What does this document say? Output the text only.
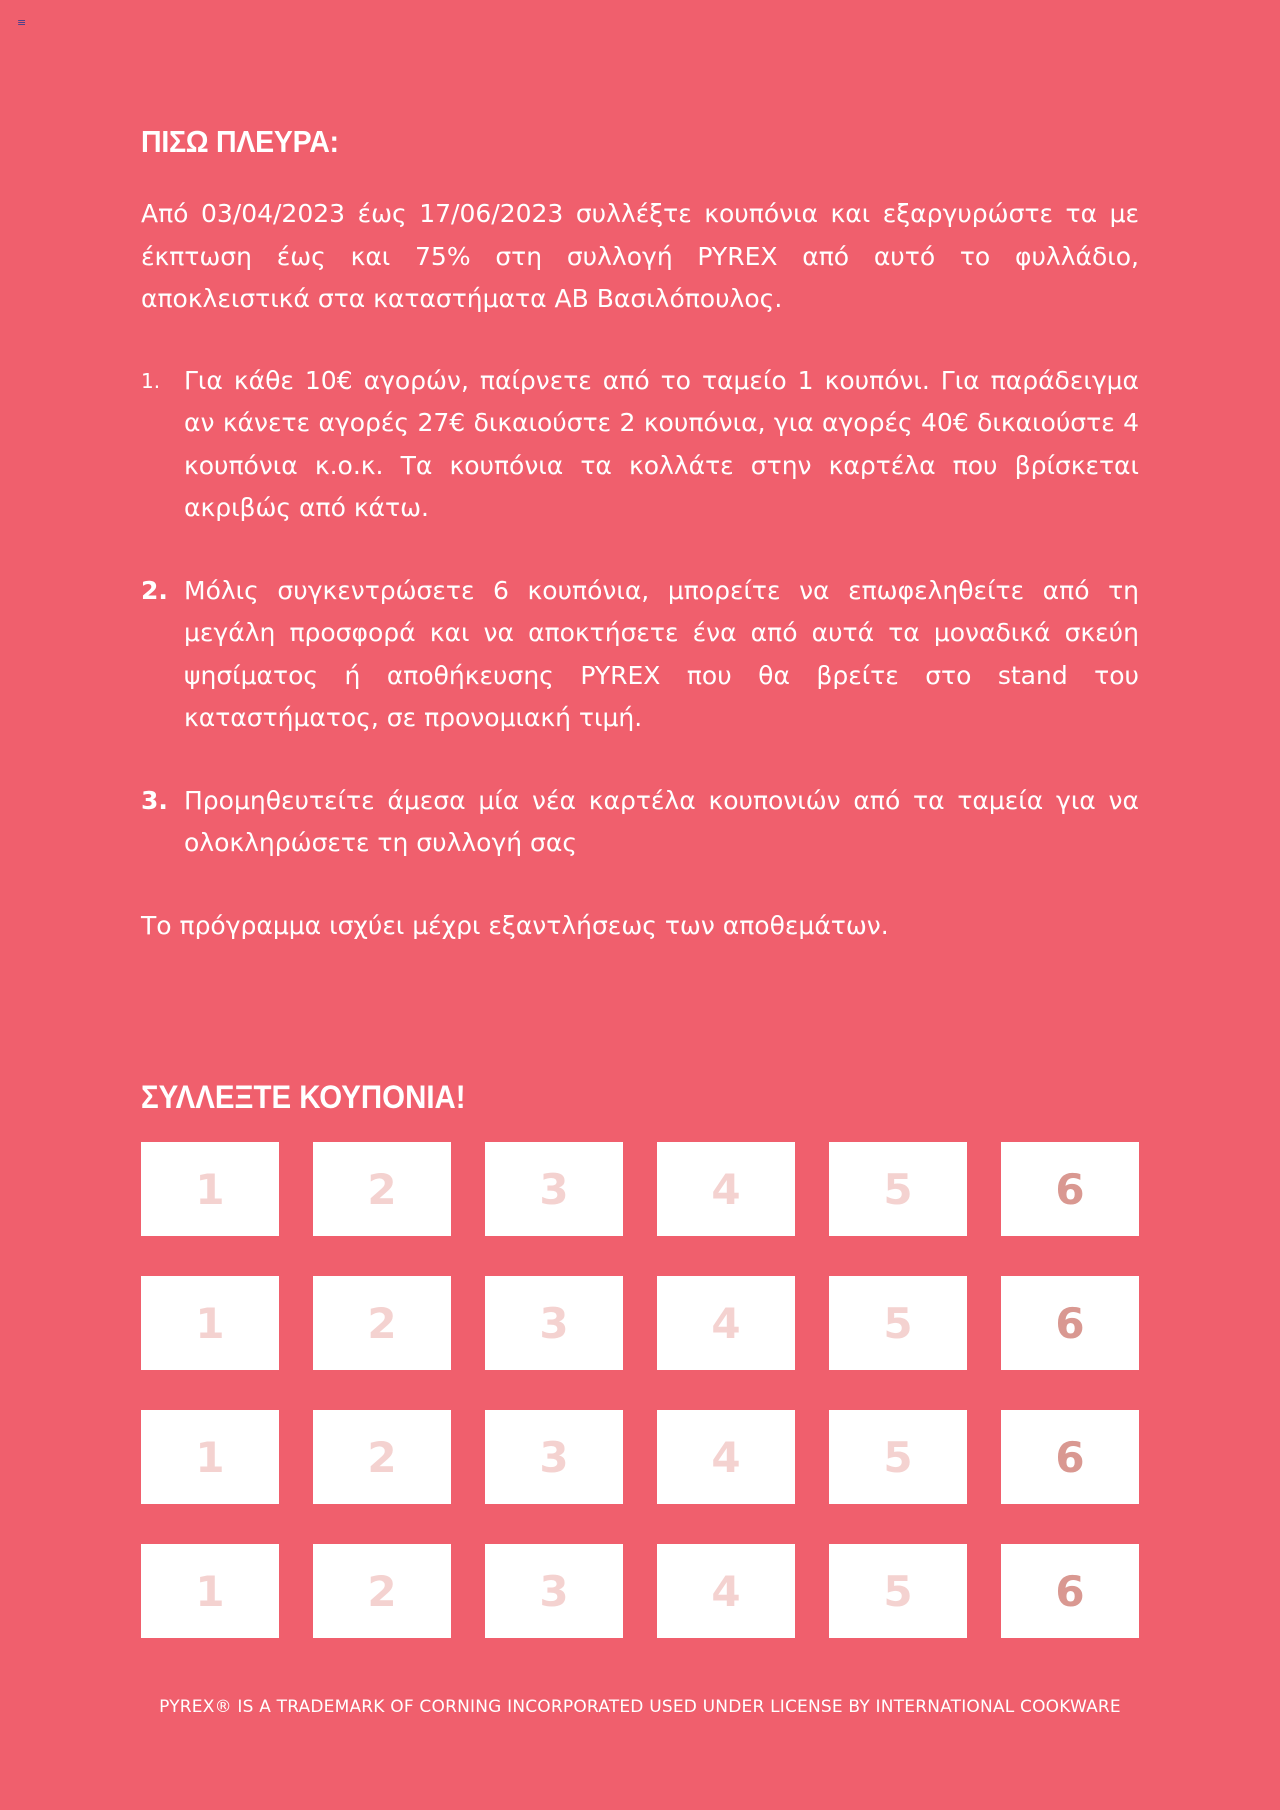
≡
ΠΙΣΩ ΠΛΕΥΡΑ:

Από 03/04/2023 έως 17/06/2023 συλλέξτε κουπόνια και εξαργυρώστε τα με έκπτωση έως και 75% στη συλλογή PYREX από αυτό το φυλλάδιο, αποκλειστικά στα καταστήματα ΑΒ Βασιλόπουλος.

1. Για κάθε 10€ αγορών, παίρνετε από το ταμείο 1 κουπόνι. Για παράδειγμα αν κάνετε αγορές 27€ δικαιούστε 2 κουπόνια, για αγορές 40€ δικαιούστε 4 κουπόνια κ.ο.κ. Τα κουπόνια τα κολλάτε στην καρτέλα που βρίσκεται ακριβώς από κάτω.
2. Μόλις συγκεντρώσετε 6 κουπόνια, μπορείτε να επωφεληθείτε από τη μεγάλη προσφορά και να αποκτήσετε ένα από αυτά τα μοναδικά σκεύη ψησίματος ή αποθήκευσης PYREX που θα βρείτε στο stand του καταστήματος, σε προνομιακή τιμή.
3. Προμηθευτείτε άμεσα μία νέα καρτέλα κουπονιών από τα ταμεία για να ολοκληρώσετε τη συλλογή σας

Το πρόγραμμα ισχύει μέχρι εξαντλήσεως των αποθεμάτων.

ΣΥΛΛΕΞΤΕ ΚΟΥΠΟΝΙΑ!
1	2	3	4	5	6
1	2	3	4	5	6
1	2	3	4	5	6
1	2	3	4	5	6

PYREX® IS A TRADEMARK OF CORNING INCORPORATED USED UNDER LICENSE BY INTERNATIONAL COOKWARE
